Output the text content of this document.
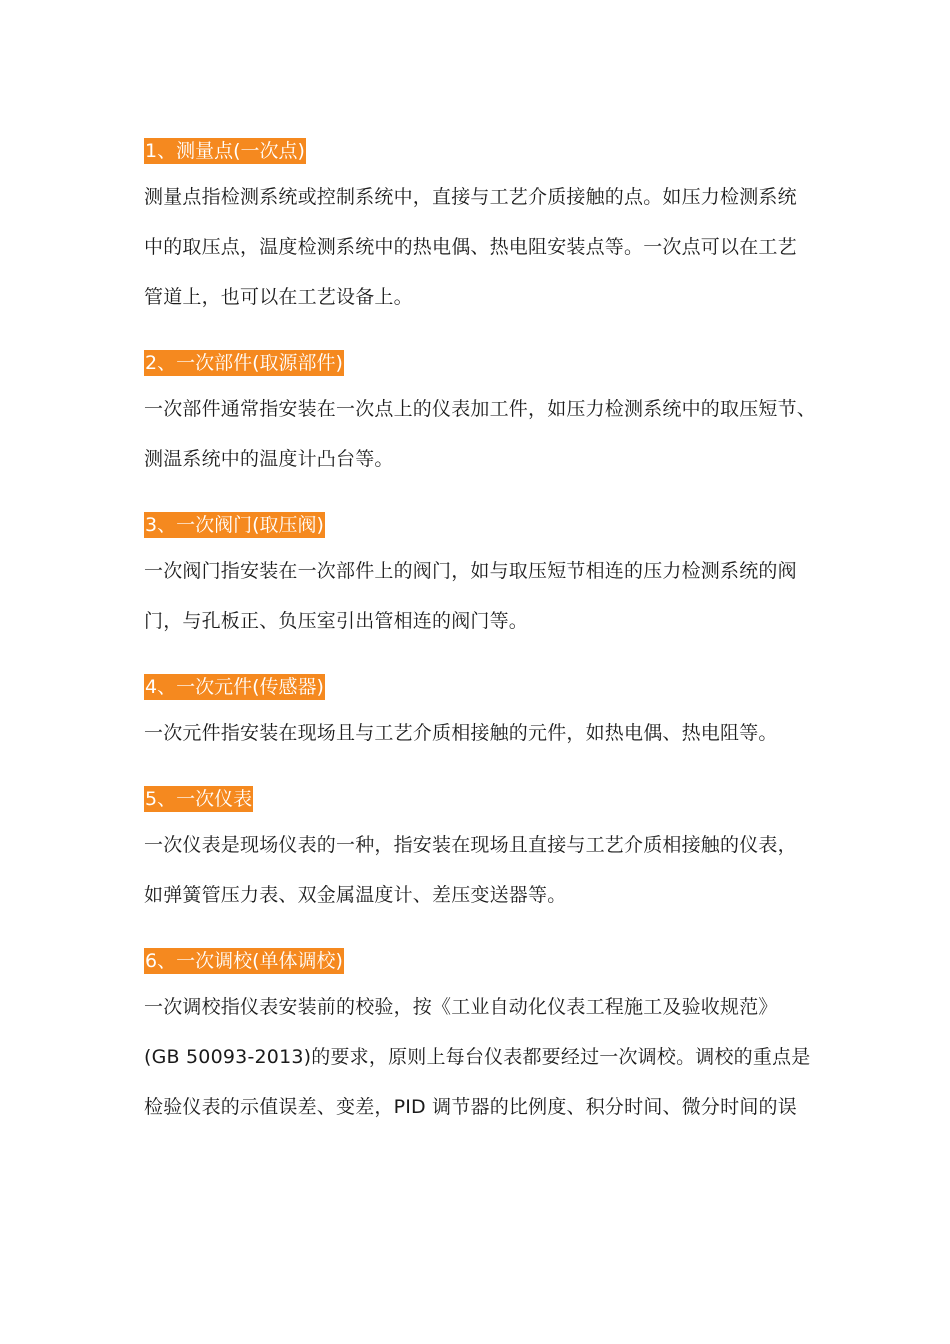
1、测量点(一次点)

测量点指检测系统或控制系统中，直接与工艺介质接触的点。如压力检测系统

中的取压点，温度检测系统中的热电偶、热电阻安装点等。一次点可以在工艺

管道上，也可以在工艺设备上。

2、一次部件(取源部件)

一次部件通常指安装在一次点上的仪表加工件，如压力检测系统中的取压短节、

测温系统中的温度计凸台等。

3、一次阀门(取压阀)

一次阀门指安装在一次部件上的阀门，如与取压短节相连的压力检测系统的阀

门，与孔板正、负压室引出管相连的阀门等。

4、一次元件(传感器)

一次元件指安装在现场且与工艺介质相接触的元件，如热电偶、热电阻等。

5、一次仪表

一次仪表是现场仪表的一种，指安装在现场且直接与工艺介质相接触的仪表，

如弹簧管压力表、双金属温度计、差压变送器等。

6、一次调校(单体调校)

一次调校指仪表安装前的校验，按《工业自动化仪表工程施工及验收规范》

(GB 50093-2013)的要求，原则上每台仪表都要经过一次调校。调校的重点是

检验仪表的示值误差、变差，PID 调节器的比例度、积分时间、微分时间的误
